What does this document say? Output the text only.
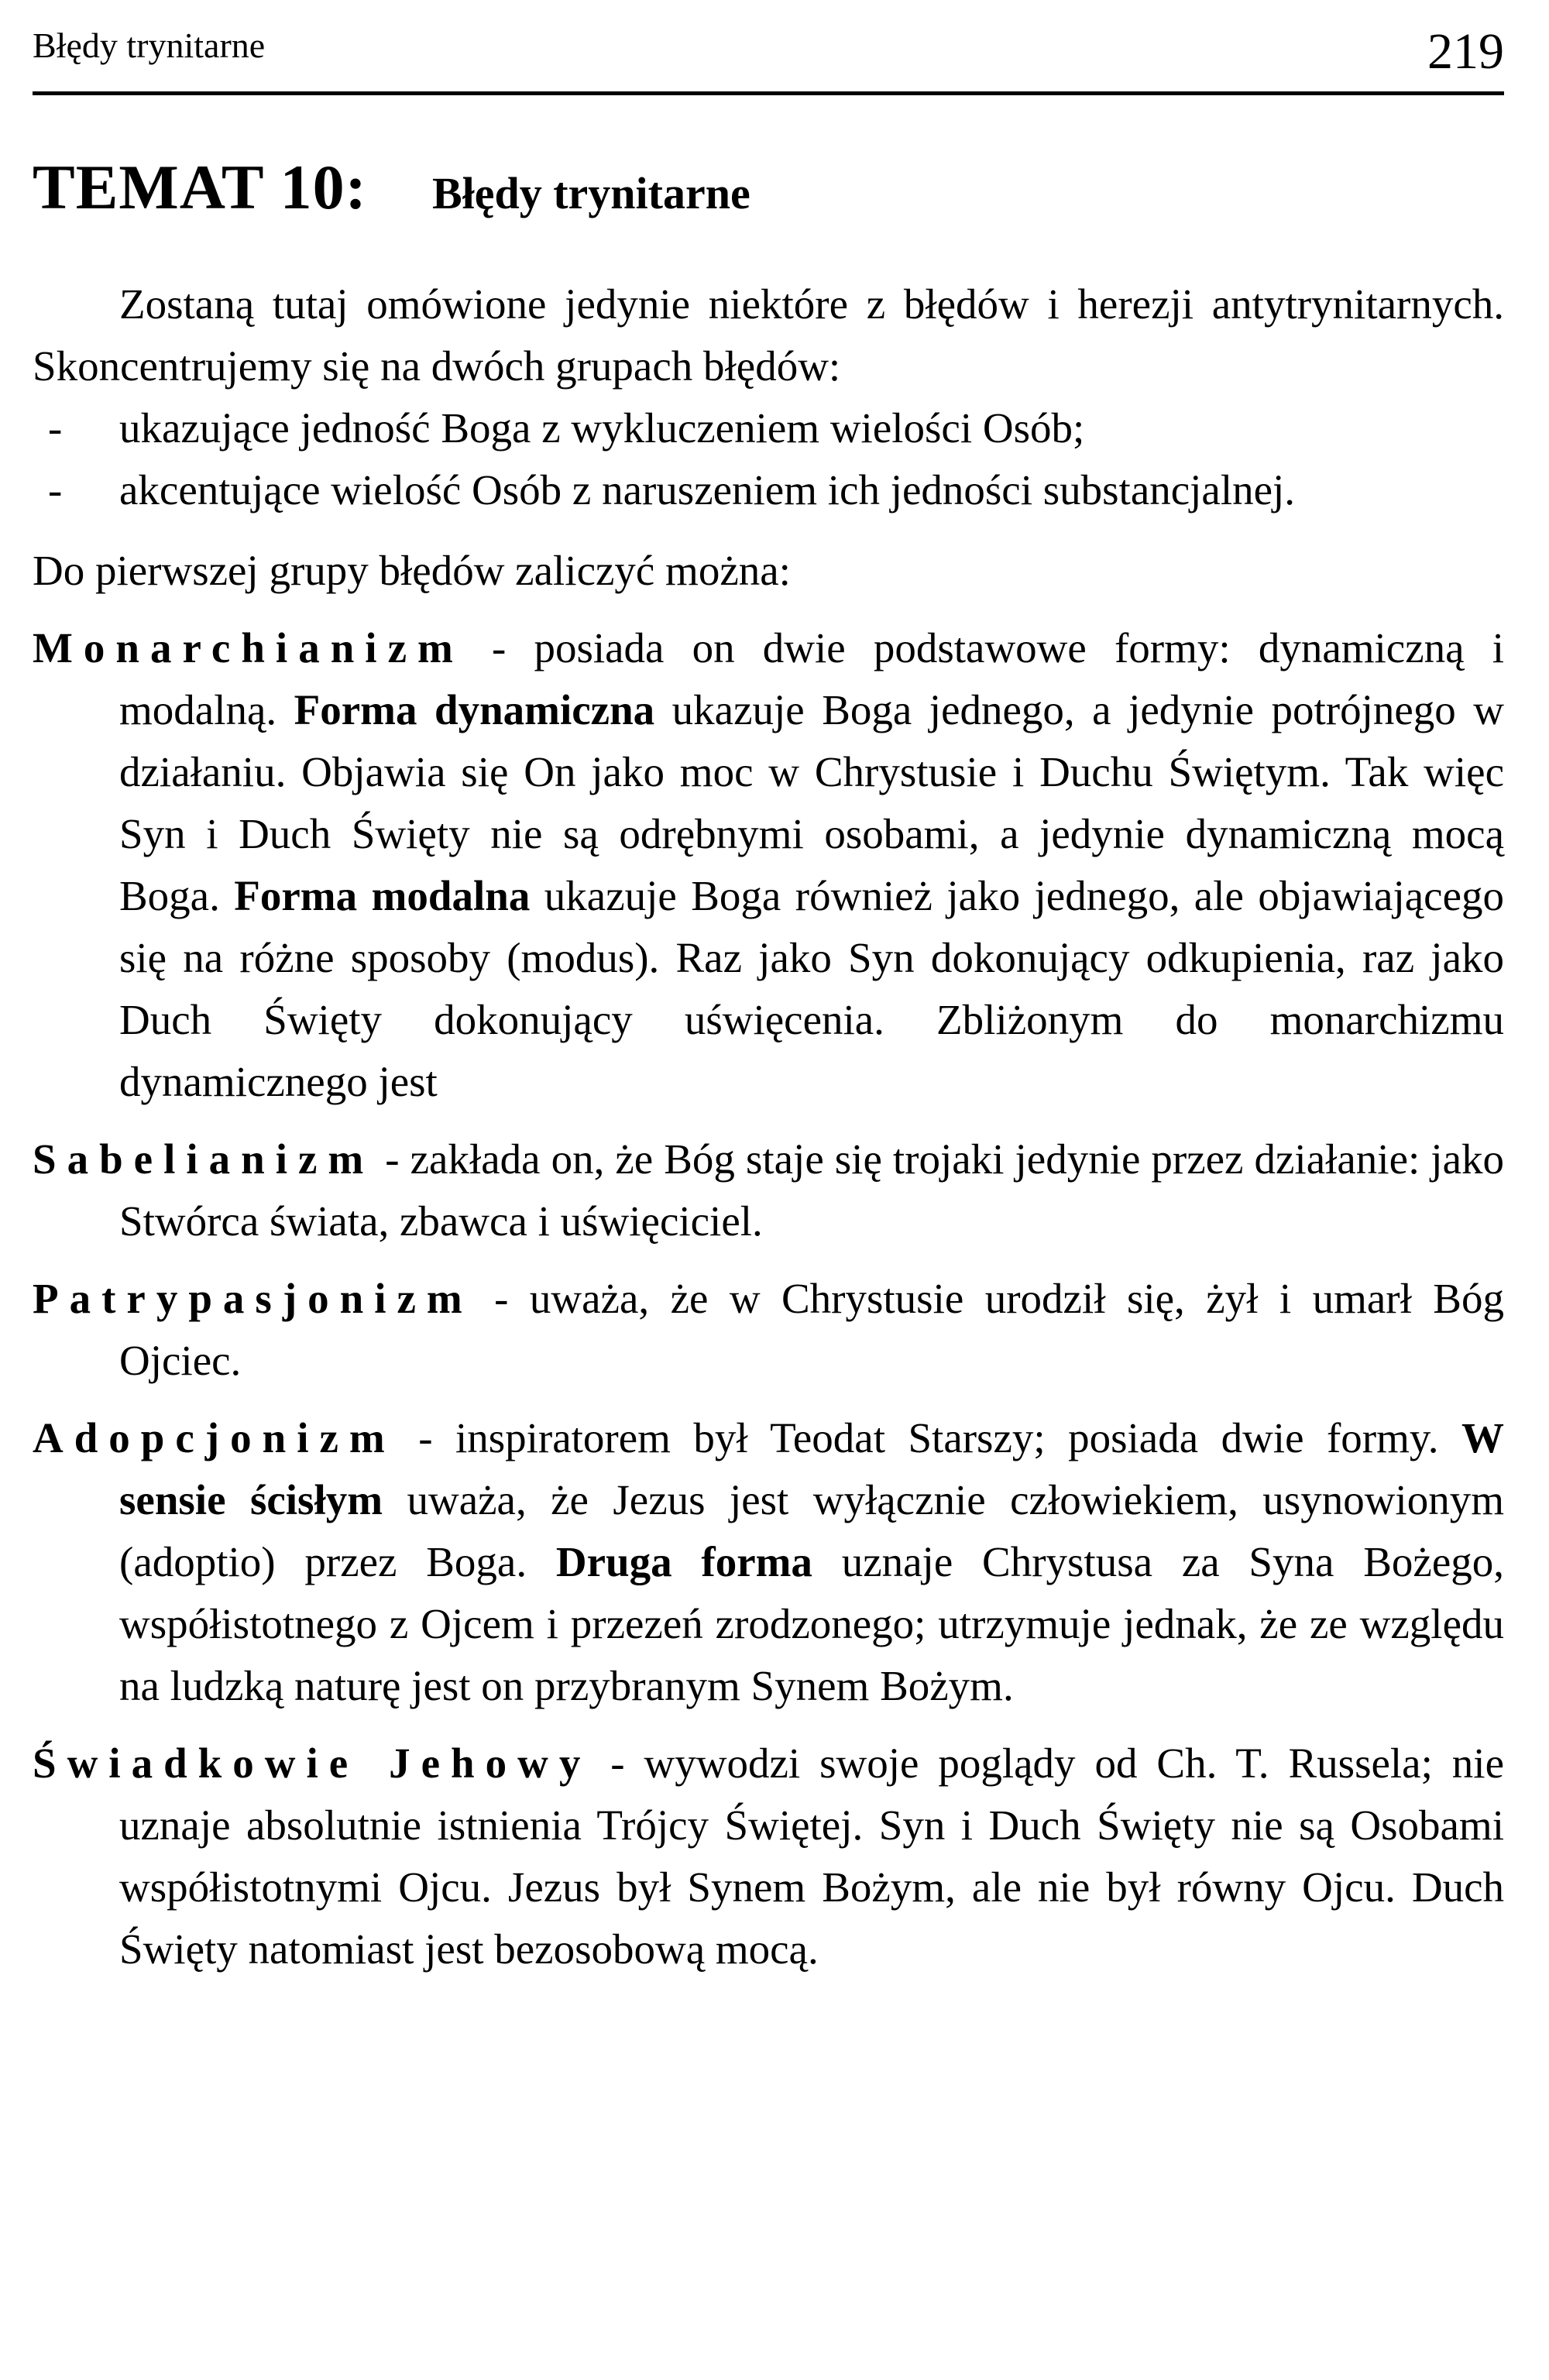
Błędy trynitarne	219
TEMAT 10: Błędy trynitarne

Zostaną tutaj omówione jedynie niektóre z błędów i herezji antytrynitarnych. Skoncentrujemy się na dwóch grupach błędów:

- ukazujące jedność Boga z wykluczeniem wielości Osób;
- akcentujące wielość Osób z naruszeniem ich jedności substancjalnej.

Do pierwszej grupy błędów zaliczyć można:

Monarchianizm - posiada on dwie podstawowe formy: dynamiczną i modalną. Forma dynamiczna ukazuje Boga jednego, a jedynie potrójnego w działaniu. Objawia się On jako moc w Chrystusie i Duchu Świętym. Tak więc Syn i Duch Święty nie są odrębnymi osobami, a jedynie dynamiczną mocą Boga. Forma modalna ukazuje Boga również jako jednego, ale objawiającego się na różne sposoby (modus). Raz jako Syn dokonujący odkupienia, raz jako Duch Święty dokonujący uświęcenia. Zbliżonym do monarchizmu dynamicznego jest

Sabelianizm - zakłada on, że Bóg staje się trojaki jedynie przez działanie: jako Stwórca świata, zbawca i uświęciciel.

Patrypasjonizm - uważa, że w Chrystusie urodził się, żył i umarł Bóg Ojciec.

Adopcjonizm - inspiratorem był Teodat Starszy; posiada dwie formy. W sensie ścisłym uważa, że Jezus jest wyłącznie człowiekiem, usynowionym (adoptio) przez Boga. Druga forma uznaje Chrystusa za Syna Bożego, współistotnego z Ojcem i przezeń zrodzonego; utrzymuje jednak, że ze względu na ludzką naturę jest on przybranym Synem Bożym.

Świadkowie Jehowy - wywodzi swoje poglądy od Ch. T. Russela; nie uznaje absolutnie istnienia Trójcy Świętej. Syn i Duch Święty nie są Osobami współistotnymi Ojcu. Jezus był Synem Bożym, ale nie był równy Ojcu. Duch Święty natomiast jest bezosobową mocą.
